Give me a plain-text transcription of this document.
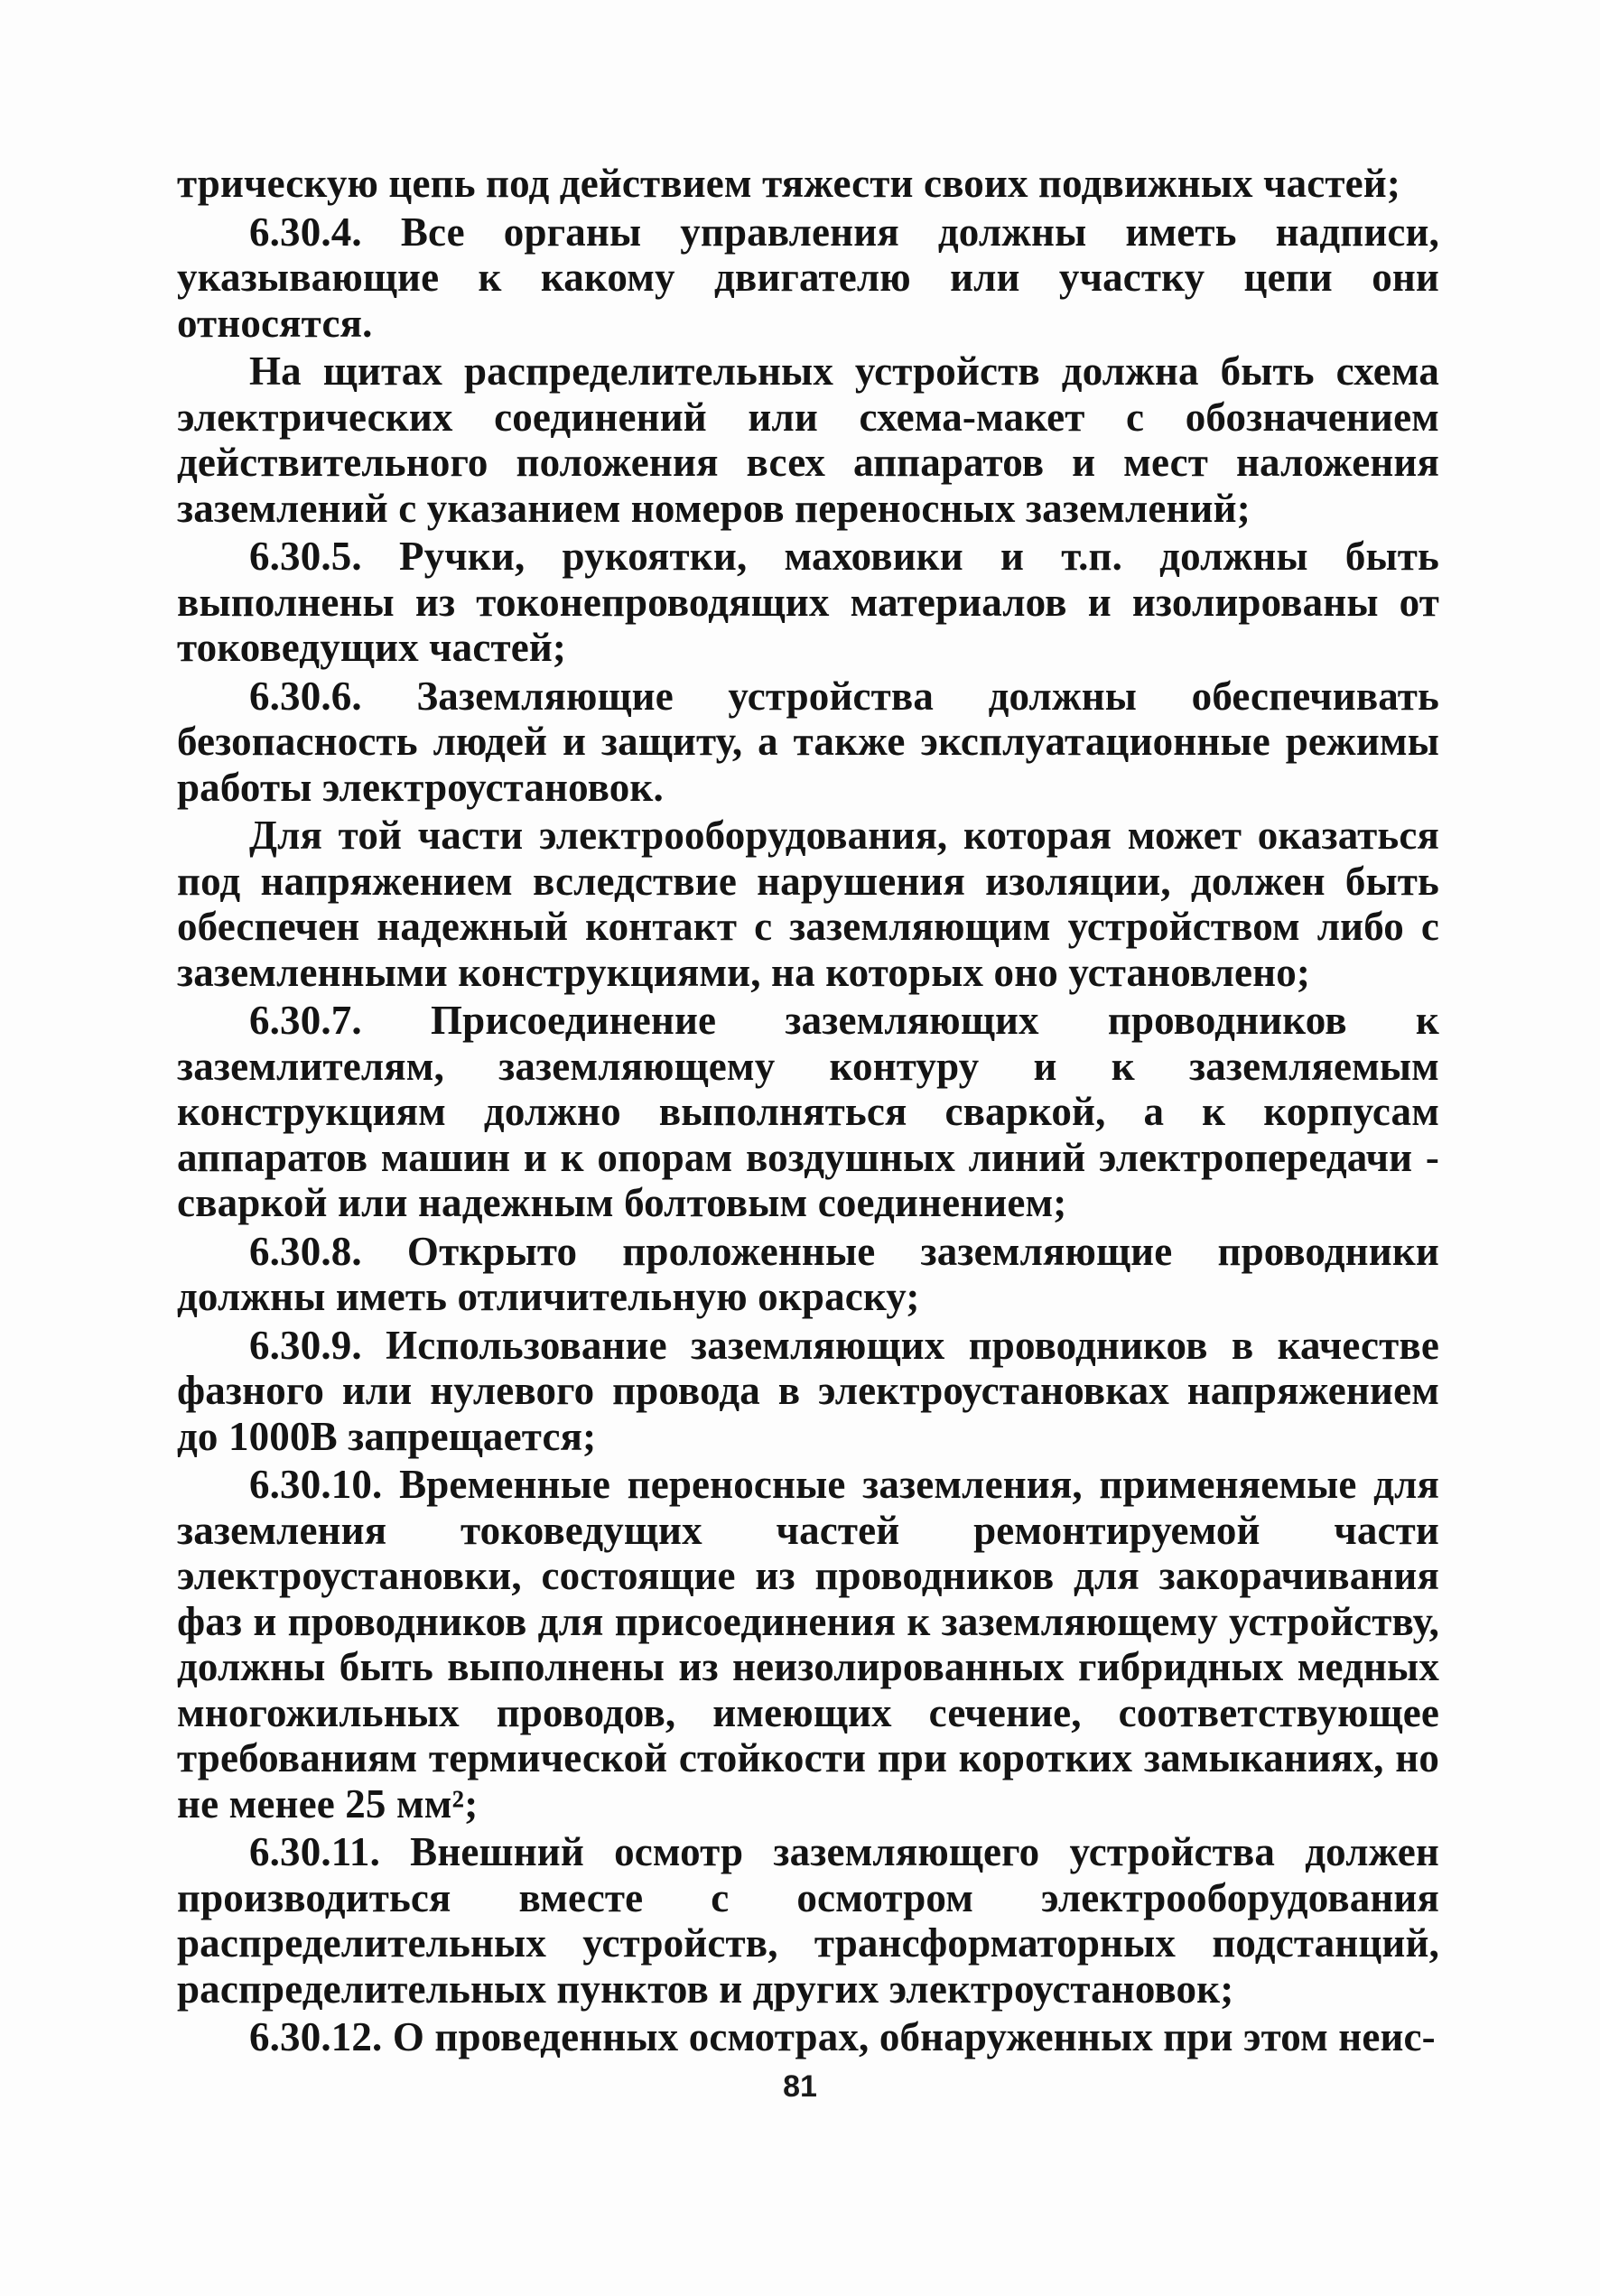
трическую цепь под действием тяжести своих подвижных частей;

6.30.4. Все органы управления должны иметь надписи, указывающие к какому двигателю или участку цепи они относятся.

На щитах распределительных устройств должна быть схема электрических соединений или схема-макет с обозначением действительного положения всех аппаратов и мест наложения заземлений с указанием номеров переносных заземлений;

6.30.5. Ручки, рукоятки, маховики и т.п. должны быть выполнены из токонепроводящих материалов и изолированы от токоведущих частей;

6.30.6. Заземляющие устройства должны обеспечивать безопасность людей и защиту, а также эксплуатационные режимы работы электроустановок.

Для той части электрооборудования, которая может оказаться под напряжением вследствие нарушения изоляции, должен быть обеспечен надежный контакт с заземляющим устройством либо с заземленными конструкциями, на которых оно установлено;

6.30.7. Присоединение заземляющих проводников к заземлителям, заземляющему контуру и к заземляемым конструкциям должно выполняться сваркой, а к корпусам аппаратов машин и к опорам воздушных линий электропередачи - сваркой или надежным болтовым соединением;

6.30.8. Открыто проложенные заземляющие проводники должны иметь отличительную окраску;

6.30.9. Использование заземляющих проводников в качестве фазного или нулевого провода в электроустановках напряжением до 1000В запрещается;

6.30.10. Временные переносные заземления, применяемые для заземления токоведущих частей ремонтируемой части электроустановки, состоящие из проводников для закорачивания фаз и проводников для присоединения к заземляющему устройству, должны быть выполнены из неизолированных гибридных медных многожильных проводов, имеющих сечение, соответствующее требованиям термической стойкости при коротких замыканиях, но не менее 25 мм²;

6.30.11. Внешний осмотр заземляющего устройства должен производиться вместе с осмотром электрооборудования распределительных устройств, трансформаторных подстанций, распределительных пунктов и других электроустановок;

6.30.12. О проведенных осмотрах, обнаруженных при этом неис-

81
